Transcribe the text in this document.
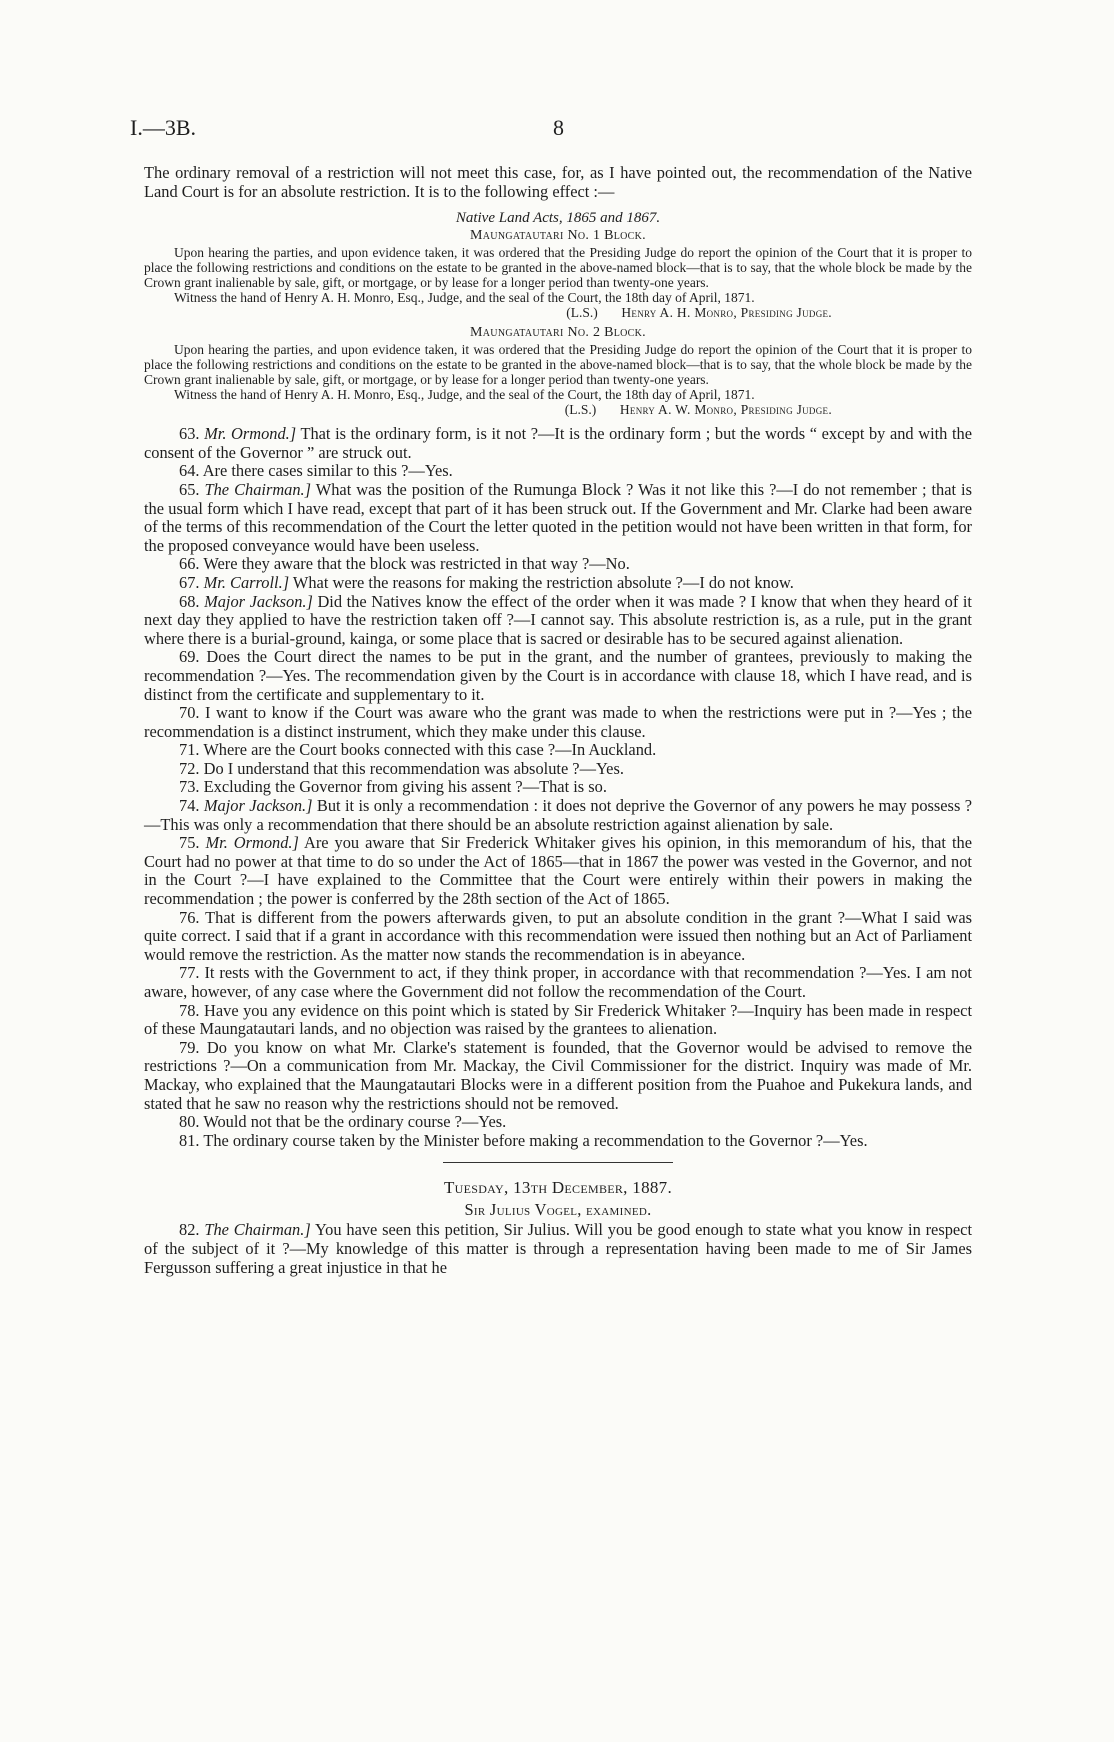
I.—3B.	8

The ordinary removal of a restriction will not meet this case, for, as I have pointed out, the recommendation of the Native Land Court is for an absolute restriction. It is to the following effect :—

Native Land Acts, 1865 and 1867.

Maungatautari No. 1 Block.

Upon hearing the parties, and upon evidence taken, it was ordered that the Presiding Judge do report the opinion of the Court that it is proper to place the following restrictions and conditions on the estate to be granted in the above-named block—that is to say, that the whole block be made by the Crown grant inalienable by sale, gift, or mortgage, or by lease for a longer period than twenty-one years.

Witness the hand of Henry A. H. Monro, Esq., Judge, and the seal of the Court, the 18th day of April, 1871.

(L.S.) Henry A. H. Monro, Presiding Judge.

Maungatautari No. 2 Block.

Upon hearing the parties, and upon evidence taken, it was ordered that the Presiding Judge do report the opinion of the Court that it is proper to place the following restrictions and conditions on the estate to be granted in the above-named block—that is to say, that the whole block be made by the Crown grant inalienable by sale, gift, or mortgage, or by lease for a longer period than twenty-one years.

Witness the hand of Henry A. H. Monro, Esq., Judge, and the seal of the Court, the 18th day of April, 1871.

(L.S.) Henry A. W. Monro, Presiding Judge.

63. Mr. Ormond.] That is the ordinary form, is it not ?—It is the ordinary form ; but the words “ except by and with the consent of the Governor ” are struck out.

64. Are there cases similar to this ?—Yes.

65. The Chairman.] What was the position of the Rumunga Block ? Was it not like this ?—I do not remember ; that is the usual form which I have read, except that part of it has been struck out. If the Government and Mr. Clarke had been aware of the terms of this recommendation of the Court the letter quoted in the petition would not have been written in that form, for the proposed conveyance would have been useless.

66. Were they aware that the block was restricted in that way ?—No.

67. Mr. Carroll.] What were the reasons for making the restriction absolute ?—I do not know.

68. Major Jackson.] Did the Natives know the effect of the order when it was made ? I know that when they heard of it next day they applied to have the restriction taken off ?—I cannot say. This absolute restriction is, as a rule, put in the grant where there is a burial-ground, kainga, or some place that is sacred or desirable has to be secured against alienation.

69. Does the Court direct the names to be put in the grant, and the number of grantees, previously to making the recommendation ?—Yes. The recommendation given by the Court is in accordance with clause 18, which I have read, and is distinct from the certificate and supplementary to it.

70. I want to know if the Court was aware who the grant was made to when the restrictions were put in ?—Yes ; the recommendation is a distinct instrument, which they make under this clause.

71. Where are the Court books connected with this case ?—In Auckland.

72. Do I understand that this recommendation was absolute ?—Yes.

73. Excluding the Governor from giving his assent ?—That is so.

74. Major Jackson.] But it is only a recommendation : it does not deprive the Governor of any powers he may possess ?—This was only a recommendation that there should be an absolute restriction against alienation by sale.

75. Mr. Ormond.] Are you aware that Sir Frederick Whitaker gives his opinion, in this memorandum of his, that the Court had no power at that time to do so under the Act of 1865—that in 1867 the power was vested in the Governor, and not in the Court ?—I have explained to the Committee that the Court were entirely within their powers in making the recommendation ; the power is conferred by the 28th section of the Act of 1865.

76. That is different from the powers afterwards given, to put an absolute condition in the grant ?—What I said was quite correct. I said that if a grant in accordance with this recommendation were issued then nothing but an Act of Parliament would remove the restriction. As the matter now stands the recommendation is in abeyance.

77. It rests with the Government to act, if they think proper, in accordance with that recommendation ?—Yes. I am not aware, however, of any case where the Government did not follow the recommendation of the Court.

78. Have you any evidence on this point which is stated by Sir Frederick Whitaker ?—Inquiry has been made in respect of these Maungatautari lands, and no objection was raised by the grantees to alienation.

79. Do you know on what Mr. Clarke's statement is founded, that the Governor would be advised to remove the restrictions ?—On a communication from Mr. Mackay, the Civil Commissioner for the district. Inquiry was made of Mr. Mackay, who explained that the Maungatautari Blocks were in a different position from the Puahoe and Pukekura lands, and stated that he saw no reason why the restrictions should not be removed.

80. Would not that be the ordinary course ?—Yes.

81. The ordinary course taken by the Minister before making a recommendation to the Governor ?—Yes.

Tuesday, 13th December, 1887.

Sir Julius Vogel, examined.

82. The Chairman.] You have seen this petition, Sir Julius. Will you be good enough to state what you know in respect of the subject of it ?—My knowledge of this matter is through a representation having been made to me of Sir James Fergusson suffering a great injustice in that he
